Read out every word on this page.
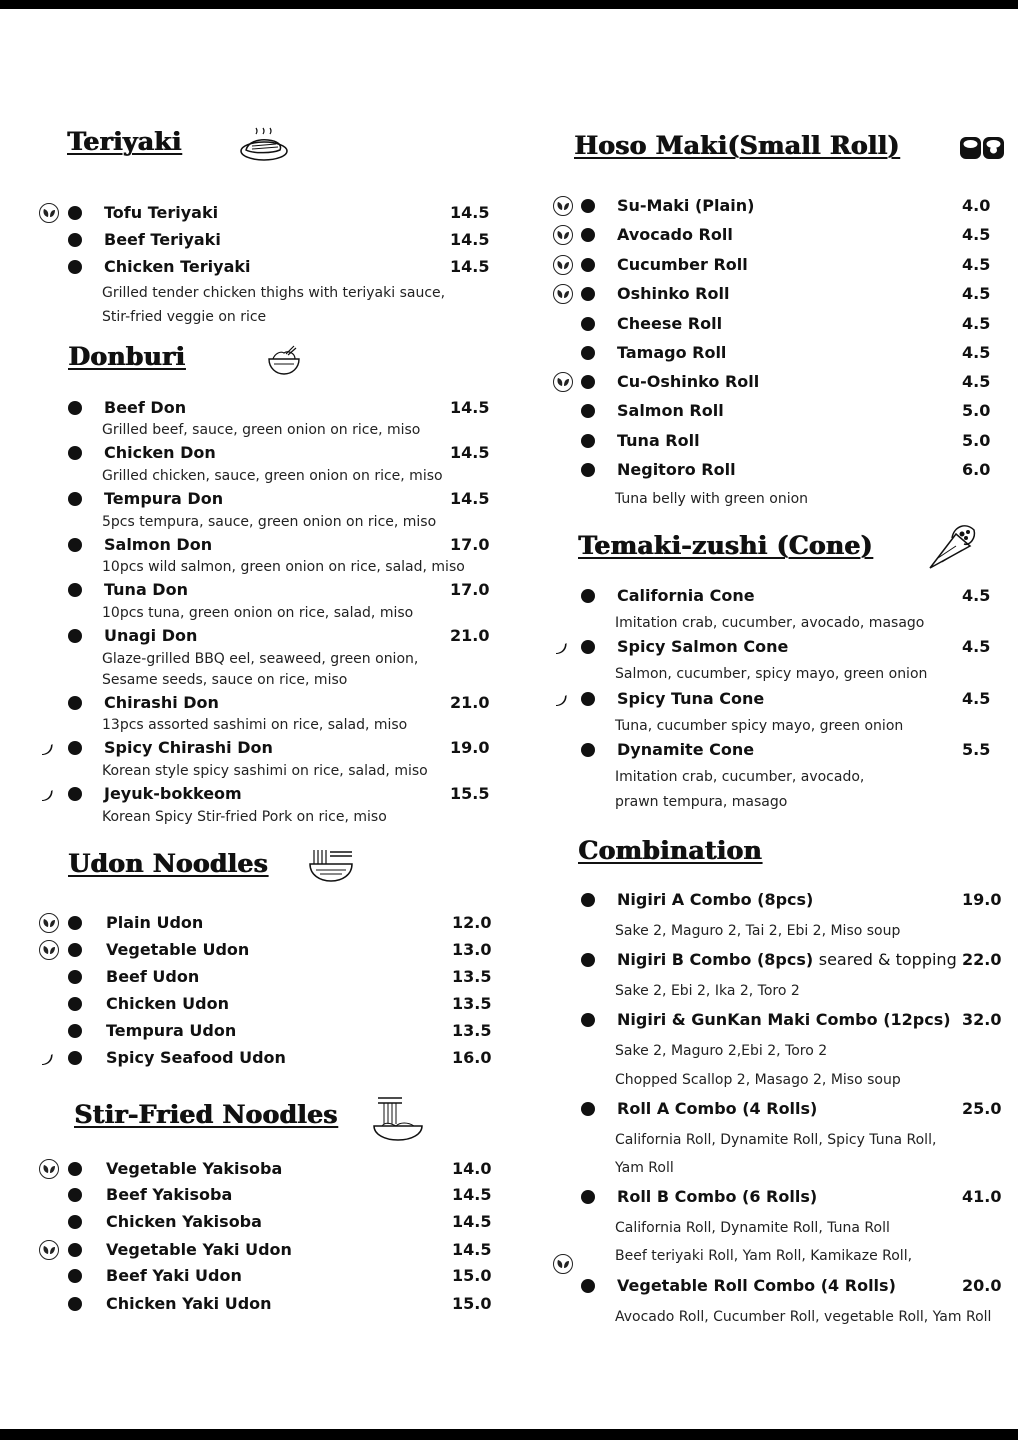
Teriyaki
Tofu Teriyaki	14.5
Beef Teriyaki	14.5
Chicken Teriyaki	14.5
Grilled tender chicken thighs with teriyaki sauce,
Stir-fried veggie on rice
Donburi
Beef Don	14.5
Grilled beef, sauce, green onion on rice, miso
Chicken Don	14.5
Grilled chicken, sauce, green onion on rice, miso
Tempura Don	14.5
5pcs tempura, sauce, green onion on rice, miso
Salmon Don	17.0
10pcs wild salmon, green onion on rice, salad, miso
Tuna Don	17.0
10pcs tuna, green onion on rice, salad, miso
Unagi Don	21.0
Glaze-grilled BBQ eel, seaweed, green onion,
Sesame seeds, sauce on rice, miso
Chirashi Don	21.0
13pcs assorted sashimi on rice, salad, miso
Spicy Chirashi Don	19.0
Korean style spicy sashimi on rice, salad, miso
Jeyuk-bokkeom	15.5
Korean Spicy Stir-fried Pork on rice, miso
Udon Noodles
Plain Udon	12.0
Vegetable Udon	13.0
Beef Udon	13.5
Chicken Udon	13.5
Tempura Udon	13.5
Spicy Seafood Udon	16.0
Stir-Fried Noodles
Vegetable Yakisoba	14.0
Beef Yakisoba	14.5
Chicken Yakisoba	14.5
Vegetable Yaki Udon	14.5
Beef Yaki Udon	15.0
Chicken Yaki Udon	15.0
Hoso Maki(Small Roll)
Su-Maki (Plain)	4.0
Avocado Roll	4.5
Cucumber Roll	4.5
Oshinko Roll	4.5
Cheese Roll	4.5
Tamago Roll	4.5
Cu-Oshinko Roll	4.5
Salmon Roll	5.0
Tuna Roll	5.0
Negitoro Roll	6.0
Tuna belly with green onion
Temaki-zushi (Cone)
California Cone	4.5
Imitation crab, cucumber, avocado, masago
Spicy Salmon Cone	4.5
Salmon, cucumber, spicy mayo, green onion
Spicy Tuna Cone	4.5
Tuna, cucumber spicy mayo, green onion
Dynamite Cone	5.5
Imitation crab, cucumber, avocado,
prawn tempura, masago
Combination
Nigiri A Combo (8pcs)	19.0
Sake 2, Maguro 2, Tai 2, Ebi 2, Miso soup
Nigiri B Combo (8pcs) seared & topping 22.0
Sake 2, Ebi 2, Ika 2, Toro 2
Nigiri & GunKan Maki Combo (12pcs) 32.0
Sake 2, Maguro 2,Ebi 2, Toro 2
Chopped Scallop 2, Masago 2, Miso soup
Roll A Combo (4 Rolls)	25.0
California Roll, Dynamite Roll, Spicy Tuna Roll,
Yam Roll
Roll B Combo (6 Rolls)	41.0
California Roll, Dynamite Roll, Tuna Roll
Beef teriyaki Roll, Yam Roll, Kamikaze Roll,
Vegetable Roll Combo (4 Rolls)	20.0
Avocado Roll, Cucumber Roll, vegetable Roll, Yam Roll
